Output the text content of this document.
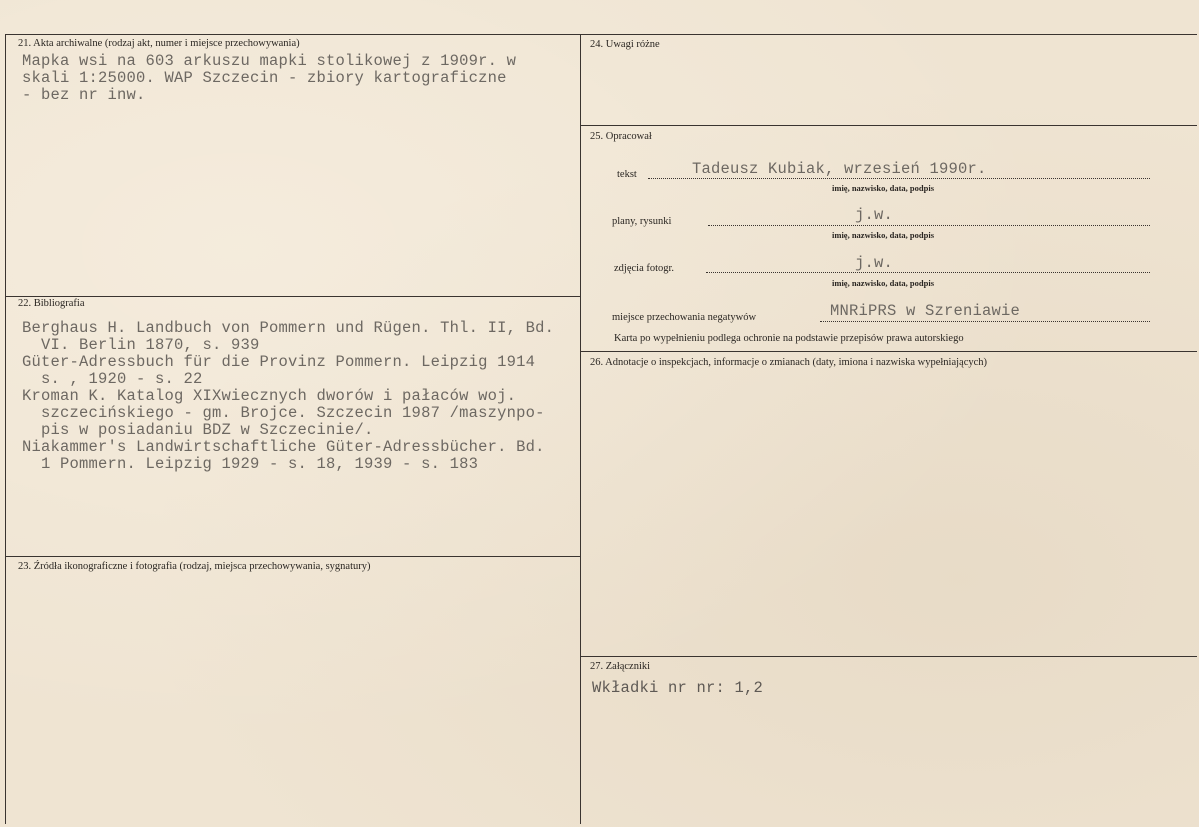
21. Akta archiwalne (rodzaj akt, numer i miejsce przechowywania)
Mapka wsi na 603 arkuszu mapki stolikowej z 1909r. w
skali 1:25000. WAP Szczecin - zbiory kartograficzne
- bez nr inw.
22. Bibliografia
Berghaus H. Landbuch von Pommern und Rügen. Thl. II, Bd.
VI. Berlin 1870, s. 939
Güter-Adressbuch für die Provinz Pommern. Leipzig 1914
s. , 1920 - s. 22
Kroman K. Katalog XIXwiecznych dworów i pałaców woj.
szczecińskiego - gm. Brojce. Szczecin 1987 /maszynpo-
pis w posiadaniu BDZ w Szczecinie/.
Niakammer's Landwirtschaftliche Güter-Adressbücher. Bd.
1 Pommern. Leipzig 1929 - s. 18, 1939 - s. 183
23. Źródła ikonograficzne i fotografia (rodzaj, miejsca przechowywania, sygnatury)
24. Uwagi różne
25. Opracował
tekst	Tadeusz Kubiak, wrzesień 1990r.
imię, nazwisko, data, podpis
plany, rysunki	j.w.
imię, nazwisko, data, podpis
zdjęcia fotogr.	j.w.
imię, nazwisko, data, podpis
miejsce przechowania negatywów	MNRiPRS w Szreniawie
Karta po wypełnieniu podlega ochronie na podstawie przepisów prawa autorskiego
26. Adnotacje o inspekcjach, informacje o zmianach (daty, imiona i nazwiska wypełniających)
27. Załączniki
Wkładki nr nr: 1,2
